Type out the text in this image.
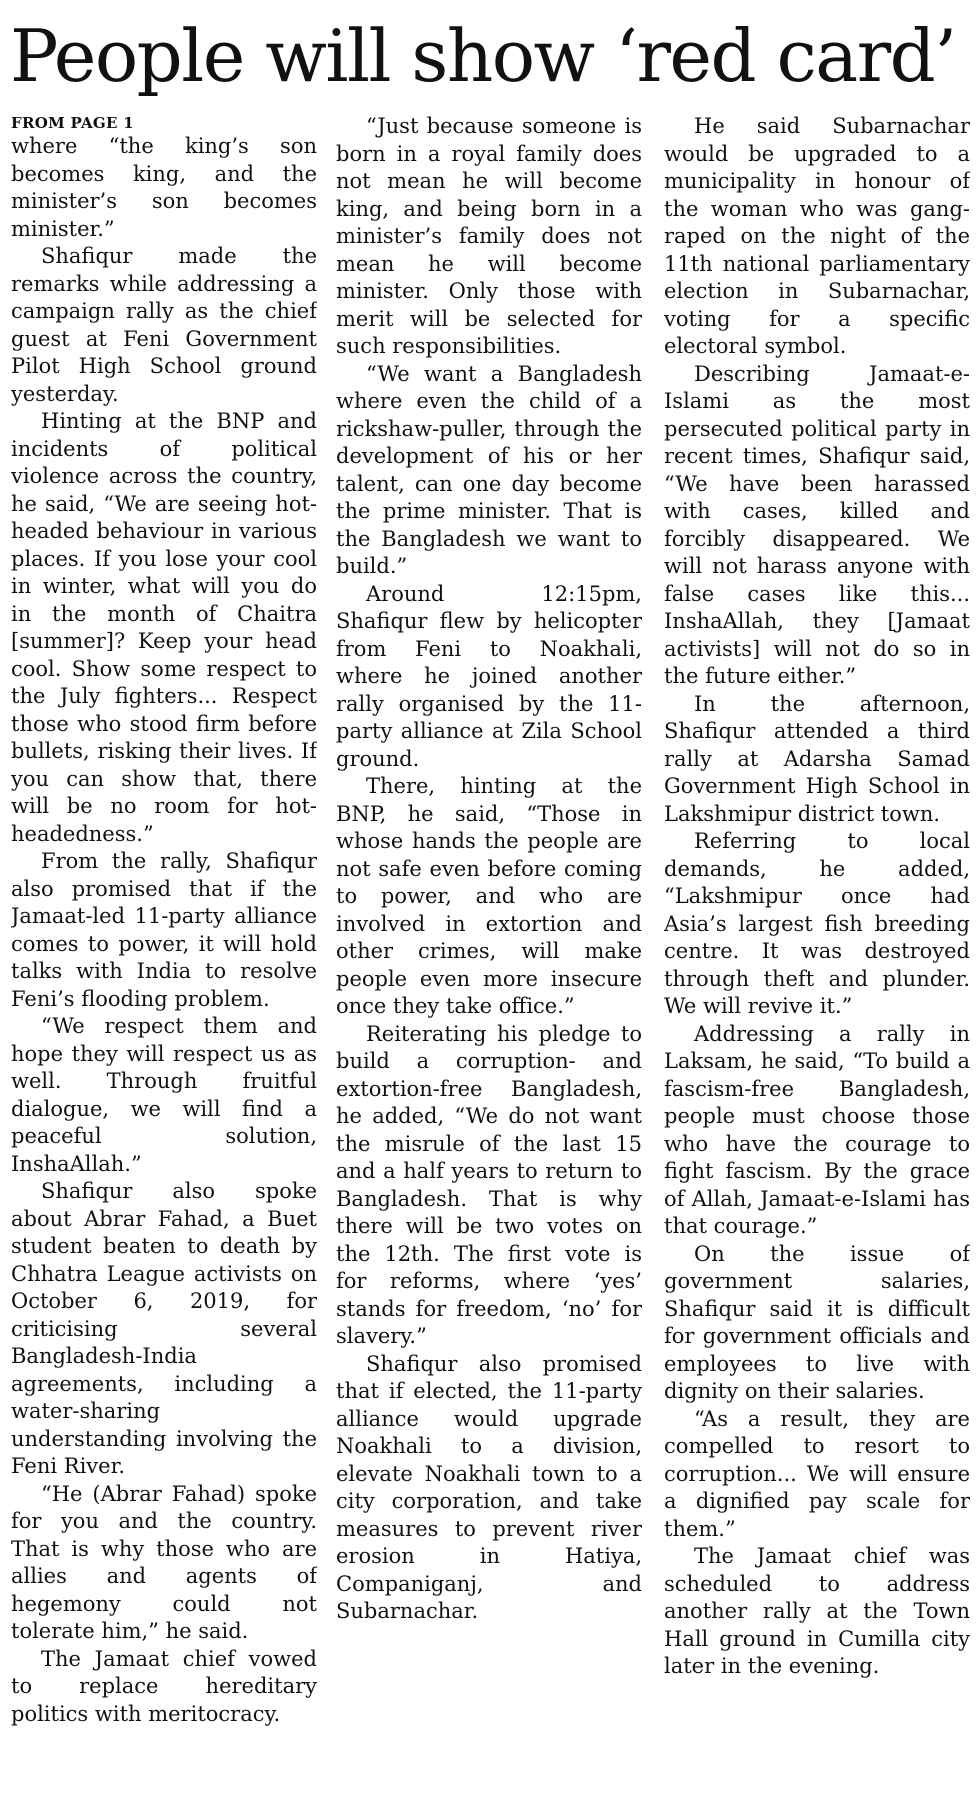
People will show ‘red card’
FROM PAGE 1

where “the king’s son becomes king, and the minister’s son becomes minister.”

Shafiqur made the remarks while addressing a campaign rally as the chief guest at Feni Government Pilot High School ground yesterday.

Hinting at the BNP and incidents of political violence across the country, he said, “We are seeing hot-headed behaviour in various places. If you lose your cool in winter, what will you do in the month of Chaitra [summer]? Keep your head cool. Show some respect to the July fighters... Respect those who stood firm before bullets, risking their lives. If you can show that, there will be no room for hot-headedness.”

From the rally, Shafiqur also promised that if the Jamaat-led 11-party alliance comes to power, it will hold talks with India to resolve Feni’s flooding problem.

“We respect them and hope they will respect us as well. Through fruitful dialogue, we will find a peaceful solution, InshaAllah.”

Shafiqur also spoke about Abrar Fahad, a Buet student beaten to death by Chhatra League activists on October 6, 2019, for criticising several Bangladesh-India agreements, including a water-sharing understanding involving the Feni River.

“He (Abrar Fahad) spoke for you and the country. That is why those who are allies and agents of hegemony could not tolerate him,” he said.

The Jamaat chief vowed to replace hereditary politics with meritocracy.

“Just because someone is born in a royal family does not mean he will become king, and being born in a minister’s family does not mean he will become minister. Only those with merit will be selected for such responsibilities.

“We want a Bangladesh where even the child of a rickshaw-puller, through the development of his or her talent, can one day become the prime minister. That is the Bangladesh we want to build.”

Around 12:15pm, Shafiqur flew by helicopter from Feni to Noakhali, where he joined another rally organised by the 11-party alliance at Zila School ground.

There, hinting at the BNP, he said, “Those in whose hands the people are not safe even before coming to power, and who are involved in extortion and other crimes, will make people even more insecure once they take office.”

Reiterating his pledge to build a corruption- and extortion-free Bangladesh, he added, “We do not want the misrule of the last 15 and a half years to return to Bangladesh. That is why there will be two votes on the 12th. The first vote is for reforms, where ‘yes’ stands for freedom, ‘no’ for slavery.”

Shafiqur also promised that if elected, the 11-party alliance would upgrade Noakhali to a division, elevate Noakhali town to a city corporation, and take measures to prevent river erosion in Hatiya, Companiganj, and Subarnachar.

He said Subarnachar would be upgraded to a municipality in honour of the woman who was gang-raped on the night of the 11th national parliamentary election in Subarnachar, voting for a specific electoral symbol.

Describing Jamaat-e-Islami as the most persecuted political party in recent times, Shafiqur said, “We have been harassed with cases, killed and forcibly disappeared. We will not harass anyone with false cases like this... InshaAllah, they [Jamaat activists] will not do so in the future either.”

In the afternoon, Shafiqur attended a third rally at Adarsha Samad Government High School in Lakshmipur district town.

Referring to local demands, he added, “Lakshmipur once had Asia’s largest fish breeding centre. It was destroyed through theft and plunder. We will revive it.”

Addressing a rally in Laksam, he said, “To build a fascism-free Bangladesh, people must choose those who have the courage to fight fascism. By the grace of Allah, Jamaat-e-Islami has that courage.”

On the issue of government salaries, Shafiqur said it is difficult for government officials and employees to live with dignity on their salaries.

“As a result, they are compelled to resort to corruption... We will ensure a dignified pay scale for them.”

The Jamaat chief was scheduled to address another rally at the Town Hall ground in Cumilla city later in the evening.
